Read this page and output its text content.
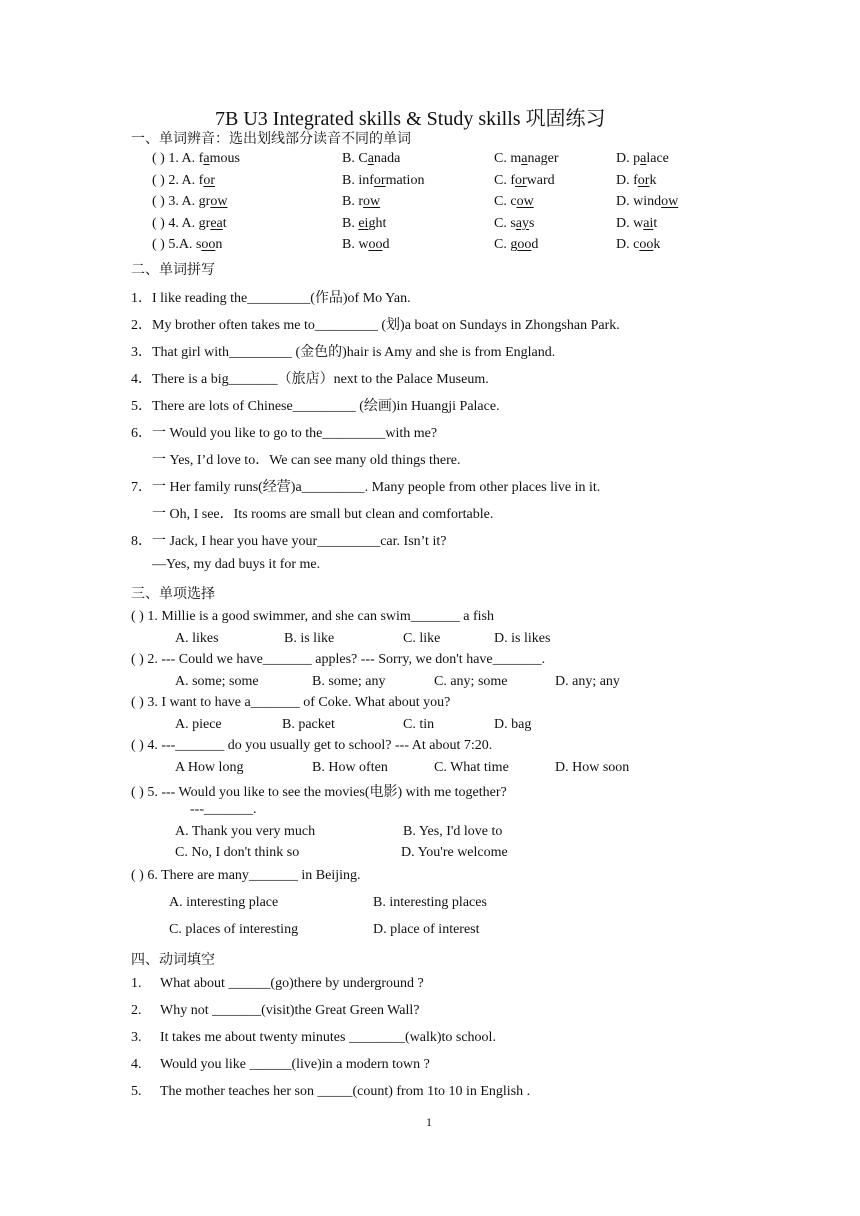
7B U3 Integrated skills & Study skills 巩固练习
一、单词辨音：选出划线部分读音不同的单词
( ) 1. A. famous	B. Canada	C. manager	D. palace
( ) 2. A. for	B. information	C. forward	D. fork
( ) 3. A. grow	B. row	C. cow	D. window
( ) 4. A. great	B. eight	C. says	D. wait
( ) 5.A. soon	B. wood	C. good	D. cook
二、单词拼写
1．I like reading the_________(作品)of Mo Yan.
2．My brother often takes me to_________ (划)a boat on Sundays in Zhongshan Park.
3．That girl with_________ (金色的)hair is Amy and she is from England.
4．There is a big_______（旅店）next to the Palace Museum.
5．There are lots of Chinese_________ (绘画)in Huangji Palace.
6．一 Would you like to go to the_________with me?
一 Yes, I’d love to．We can see many old things there.
7．一 Her family runs(经营)a_________. Many people from other places live in it.
一 Oh, I see．Its rooms are small but clean and comfortable.
8．一 Jack, I hear you have your_________car. Isn’t it?
—Yes, my dad buys it for me.
三、单项选择
( ) 1. Millie is a good swimmer, and she can swim_______ a fish
A. likes	B. is like	C. like	D. is likes
( ) 2. --- Could we have_______ apples? --- Sorry, we don't have_______.
A. some; some	B. some; any	C. any; some	D. any; any
( ) 3. I want to have a_______ of Coke. What about you?
A. piece	B. packet	C. tin	D. bag
( ) 4. ---_______ do you usually get to school? --- At about 7:20.
A How long	B. How often	C. What time	D. How soon
( ) 5. --- Would you like to see the movies(电影) with me together?
---_______.
A. Thank you very much	B. Yes, I'd love to
C. No, I don't think so	D. You're welcome
( ) 6. There are many_______ in Beijing.
A. interesting place	B. interesting places
C. places of interesting	D. place of interest
四、动词填空
1. What about ______(go)there by underground ?
2. Why not _______(visit)the Great Green Wall?
3. It takes me about twenty minutes ________(walk)to school.
4. Would you like ______(live)in a modern town ?
5. The mother teaches her son _____(count) from 1to 10 in English .
1
